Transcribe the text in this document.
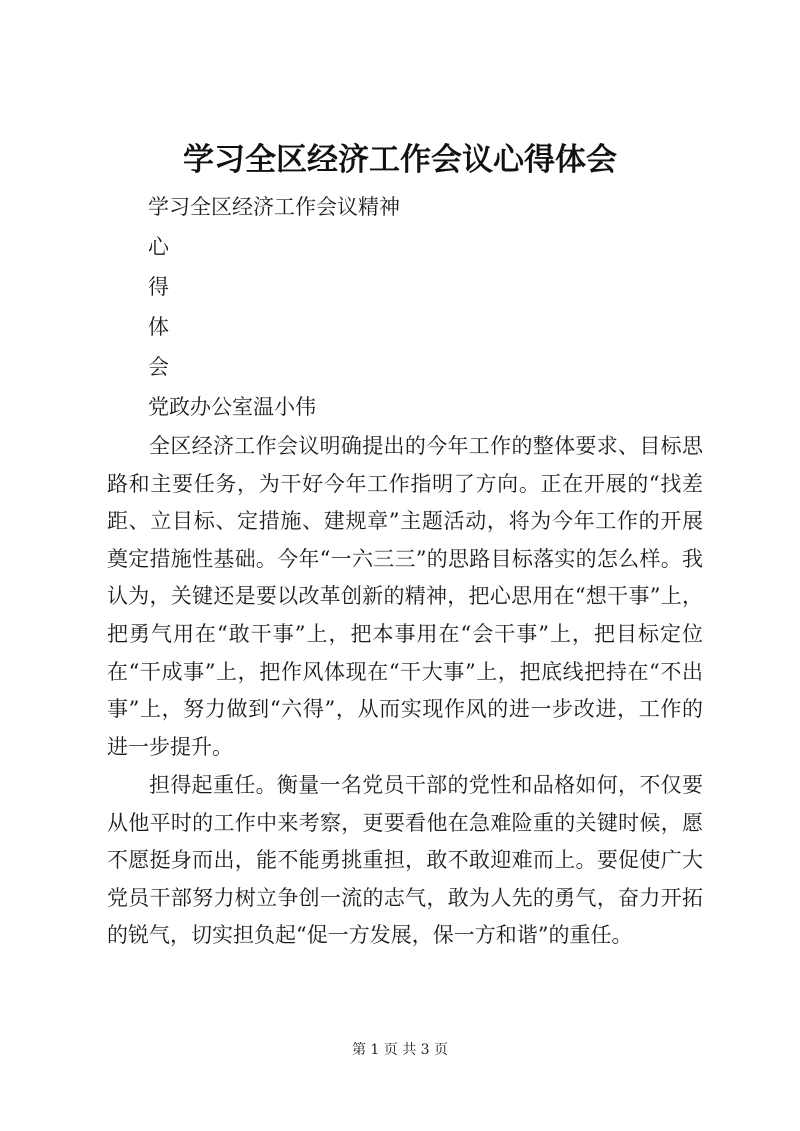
学习全区经济工作会议心得体会
学习全区经济工作会议精神
心
得
体
会
党政办公室温小伟

全区经济工作会议明确提出的今年工作的整体要求、目标思路和主要任务，为干好今年工作指明了方向。正在开展的“找差距、立目标、定措施、建规章”主题活动，将为今年工作的开展奠定措施性基础。今年“一六三三”的思路目标落实的怎么样。我认为，关键还是要以改革创新的精神，把心思用在“想干事”上，把勇气用在“敢干事”上，把本事用在“会干事”上，把目标定位在“干成事”上，把作风体现在“干大事”上，把底线把持在“不出事”上，努力做到“六得”，从而实现作风的进一步改进，工作的进一步提升。

担得起重任。衡量一名党员干部的党性和品格如何，不仅要从他平时的工作中来考察，更要看他在急难险重的关键时候，愿不愿挺身而出，能不能勇挑重担，敢不敢迎难而上。要促使广大党员干部努力树立争创一流的志气，敢为人先的勇气，奋力开拓的锐气，切实担负起“促一方发展，保一方和谐”的重任。

第 1 页 共 3 页
